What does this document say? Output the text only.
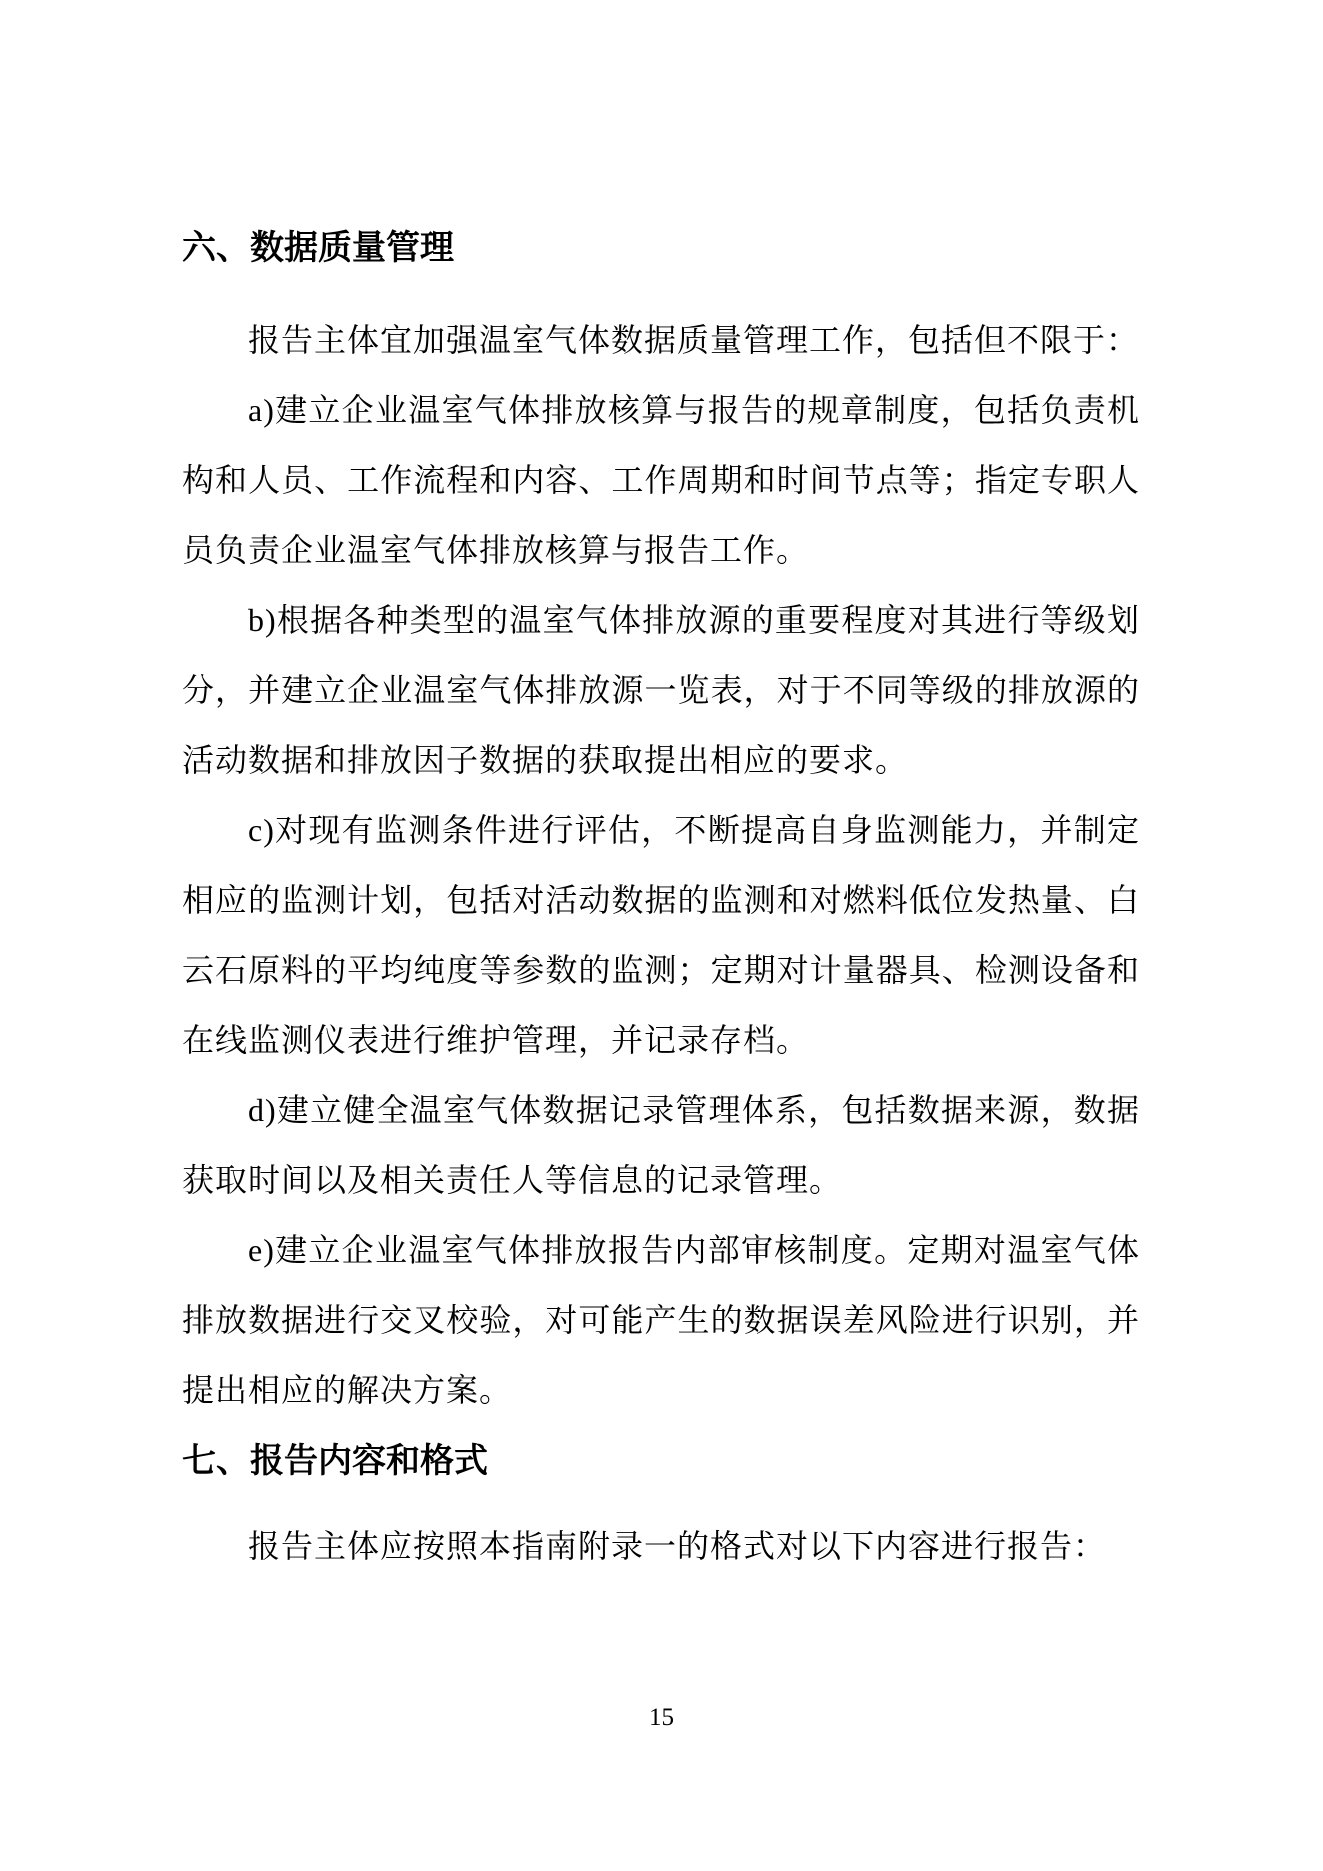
六、数据质量管理

报告主体宜加强温室气体数据质量管理工作，包括但不限于：

a)建立企业温室气体排放核算与报告的规章制度，包括负责机构和人员、工作流程和内容、工作周期和时间节点等；指定专职人员负责企业温室气体排放核算与报告工作。

b)根据各种类型的温室气体排放源的重要程度对其进行等级划分，并建立企业温室气体排放源一览表，对于不同等级的排放源的活动数据和排放因子数据的获取提出相应的要求。

c)对现有监测条件进行评估，不断提高自身监测能力，并制定相应的监测计划，包括对活动数据的监测和对燃料低位发热量、白云石原料的平均纯度等参数的监测；定期对计量器具、检测设备和在线监测仪表进行维护管理，并记录存档。

d)建立健全温室气体数据记录管理体系，包括数据来源，数据获取时间以及相关责任人等信息的记录管理。

e)建立企业温室气体排放报告内部审核制度。定期对温室气体排放数据进行交叉校验，对可能产生的数据误差风险进行识别，并提出相应的解决方案。

七、报告内容和格式

报告主体应按照本指南附录一的格式对以下内容进行报告：

15
